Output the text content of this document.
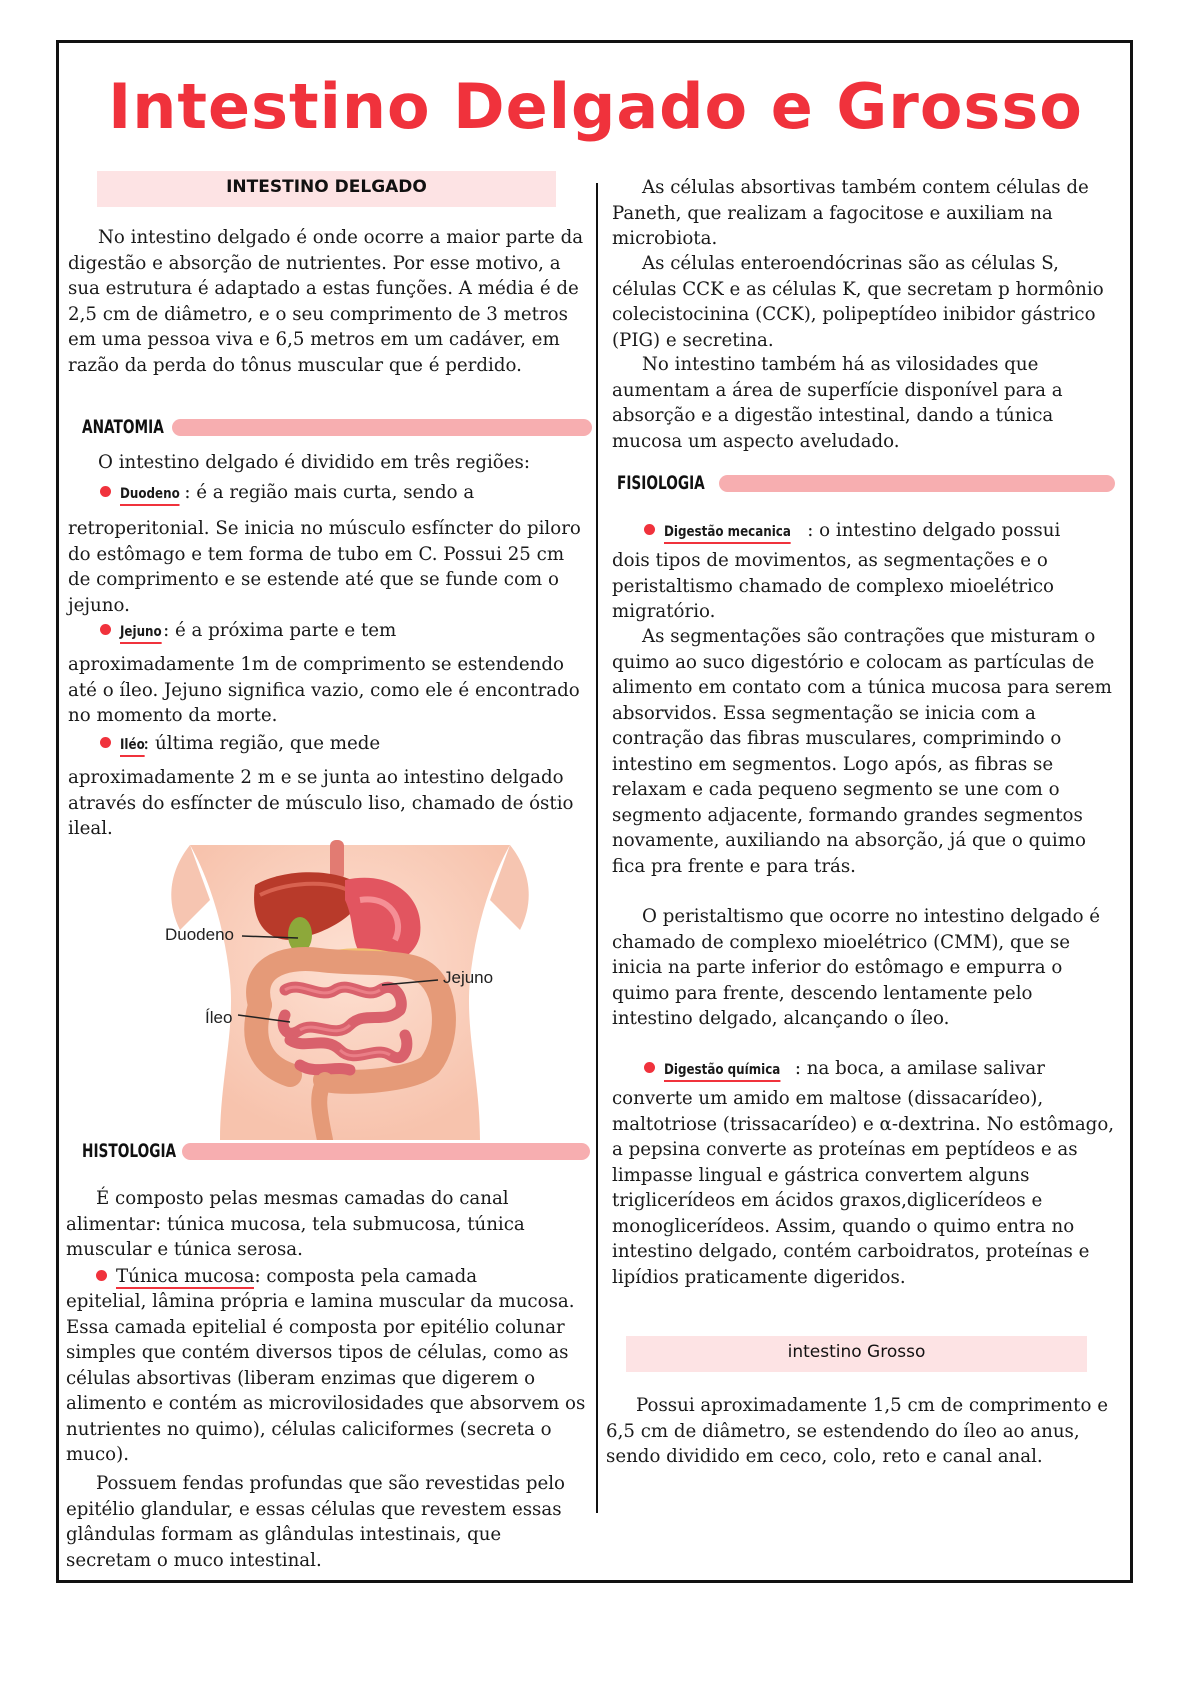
Intestino Delgado e Grosso
INTESTINO DELGADO

No intestino delgado é onde ocorre a maior parte da digestão e absorção de nutrientes. Por esse motivo, a sua estrutura é adaptado a estas funções. A média é de 2,5 cm de diâmetro, e o seu comprimento de 3 metros em uma pessoa viva e 6,5 metros em um cadáver, em razão da perda do tônus muscular que é perdido.

ANATOMIA

O intestino delgado é dividido em três regiões:

Duodeno : é a região mais curta, sendo a

retroperitonial. Se inicia no músculo esfíncter do piloro do estômago e tem forma de tubo em C. Possui 25 cm de comprimento e se estende até que se funde com o jejuno.

Jejuno: é a próxima parte e tem

aproximadamente 1m de comprimento se estendendo até o íleo. Jejuno significa vazio, como ele é encontrado no momento da morte.

Iléo: última região, que mede

aproximadamente 2 m e se junta ao intestino delgado através do esfíncter de músculo liso, chamado de óstio ileal.

Duodeno
Jejuno
Íleo
HISTOLOGIA

É composto pelas mesmas camadas do canal alimentar: túnica mucosa, tela submucosa, túnica muscular e túnica serosa.

Túnica mucosa: composta pela camada

epitelial, lâmina própria e lamina muscular da mucosa. Essa camada epitelial é composta por epitélio colunar simples que contém diversos tipos de células, como as células absortivas (liberam enzimas que digerem o alimento e contém as microvilosidades que absorvem os nutrientes no quimo), células caliciformes (secreta o muco).

Possuem fendas profundas que são revestidas pelo epitélio glandular, e essas células que revestem essas glândulas formam as glândulas intestinais, que secretam o muco intestinal.

As células absortivas também contem células de Paneth, que realizam a fagocitose e auxiliam na microbiota.

As células enteroendócrinas são as células S, células CCK e as células K, que secretam p hormônio colecistocinina (CCK), polipeptídeo inibidor gástrico (PIG) e secretina.

No intestino também há as vilosidades que aumentam a área de superfície disponível para a absorção e a digestão intestinal, dando a túnica mucosa um aspecto aveludado.

FISIOLOGIA
Digestão mecanica : o intestino delgado possui

dois tipos de movimentos, as segmentações e o peristaltismo chamado de complexo mioelétrico migratório.

As segmentações são contrações que misturam o quimo ao suco digestório e colocam as partículas de alimento em contato com a túnica mucosa para serem absorvidos. Essa segmentação se inicia com a contração das fibras musculares, comprimindo o intestino em segmentos. Logo após, as fibras se relaxam e cada pequeno segmento se une com o segmento adjacente, formando grandes segmentos novamente, auxiliando na absorção, já que o quimo fica pra frente e para trás.

O peristaltismo que ocorre no intestino delgado é chamado de complexo mioelétrico (CMM), que se inicia na parte inferior do estômago e empurra o quimo para frente, descendo lentamente pelo intestino delgado, alcançando o íleo.

Digestão química : na boca, a amilase salivar

converte um amido em maltose (dissacarídeo), maltotriose (trissacarídeo) e α-dextrina. No estômago, a pepsina converte as proteínas em peptídeos e as limpasse lingual e gástrica convertem alguns triglicerídeos em ácidos graxos,diglicerídeos e monoglicerídeos. Assim, quando o quimo entra no intestino delgado, contém carboidratos, proteínas e lipídios praticamente digeridos.

intestino Grosso

Possui aproximadamente 1,5 cm de comprimento e 6,5 cm de diâmetro, se estendendo do íleo ao anus, sendo dividido em ceco, colo, reto e canal anal.
